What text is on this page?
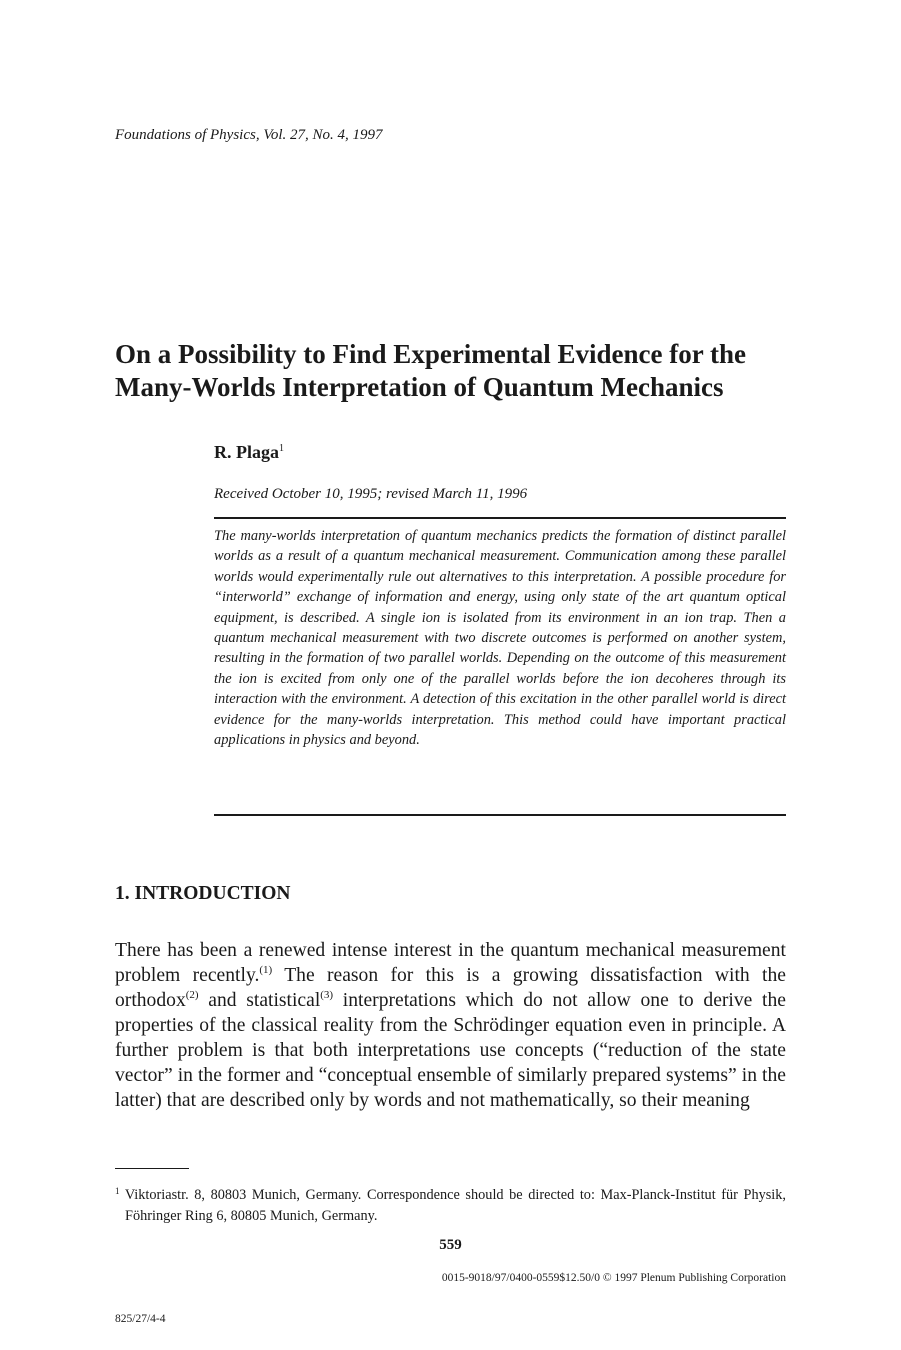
Foundations of Physics, Vol. 27, No. 4, 1997
On a Possibility to Find Experimental Evidence for the
Many-Worlds Interpretation of Quantum Mechanics
R. Plaga$^1$
Received October 10, 1995; revised March 11, 1996

The many-worlds interpretation of quantum mechanics predicts the formation of distinct parallel worlds as a result of a quantum mechanical measurement. Communication among these parallel worlds would experimentally rule out alternatives to this interpretation. A possible procedure for “interworld” exchange of information and energy, using only state of the art quantum optical equipment, is described. A single ion is isolated from its environment in an ion trap. Then a quantum mechanical measurement with two discrete outcomes is performed on another system, resulting in the formation of two parallel worlds. Depending on the outcome of this measurement the ion is excited from only one of the parallel worlds before the ion decoheres through its interaction with the environment. A detection of this excitation in the other parallel world is direct evidence for the many-worlds interpretation. This method could have important practical applications in physics and beyond.

1. INTRODUCTION

There has been a renewed intense interest in the quantum mechanical measurement problem recently.$^{(1)}$ The reason for this is a growing dissatisfaction with the orthodox$^{(2)}$ and statistical$^{(3)}$ interpretations which do not allow one to derive the properties of the classical reality from the Schrödinger equation even in principle. A further problem is that both interpretations use concepts (“reduction of the state vector” in the former and “conceptual ensemble of similarly prepared systems” in the latter) that are described only by words and not mathematically, so their meaning

$^1$ Viktoriastr. 8, 80803 Munich, Germany. Correspondence should be directed to: Max-Planck-Institut für Physik, Föhringer Ring 6, 80805 Munich, Germany.

559
0015-9018/97/0400-0559$12.50/0 © 1997 Plenum Publishing Corporation
825/27/4-4
